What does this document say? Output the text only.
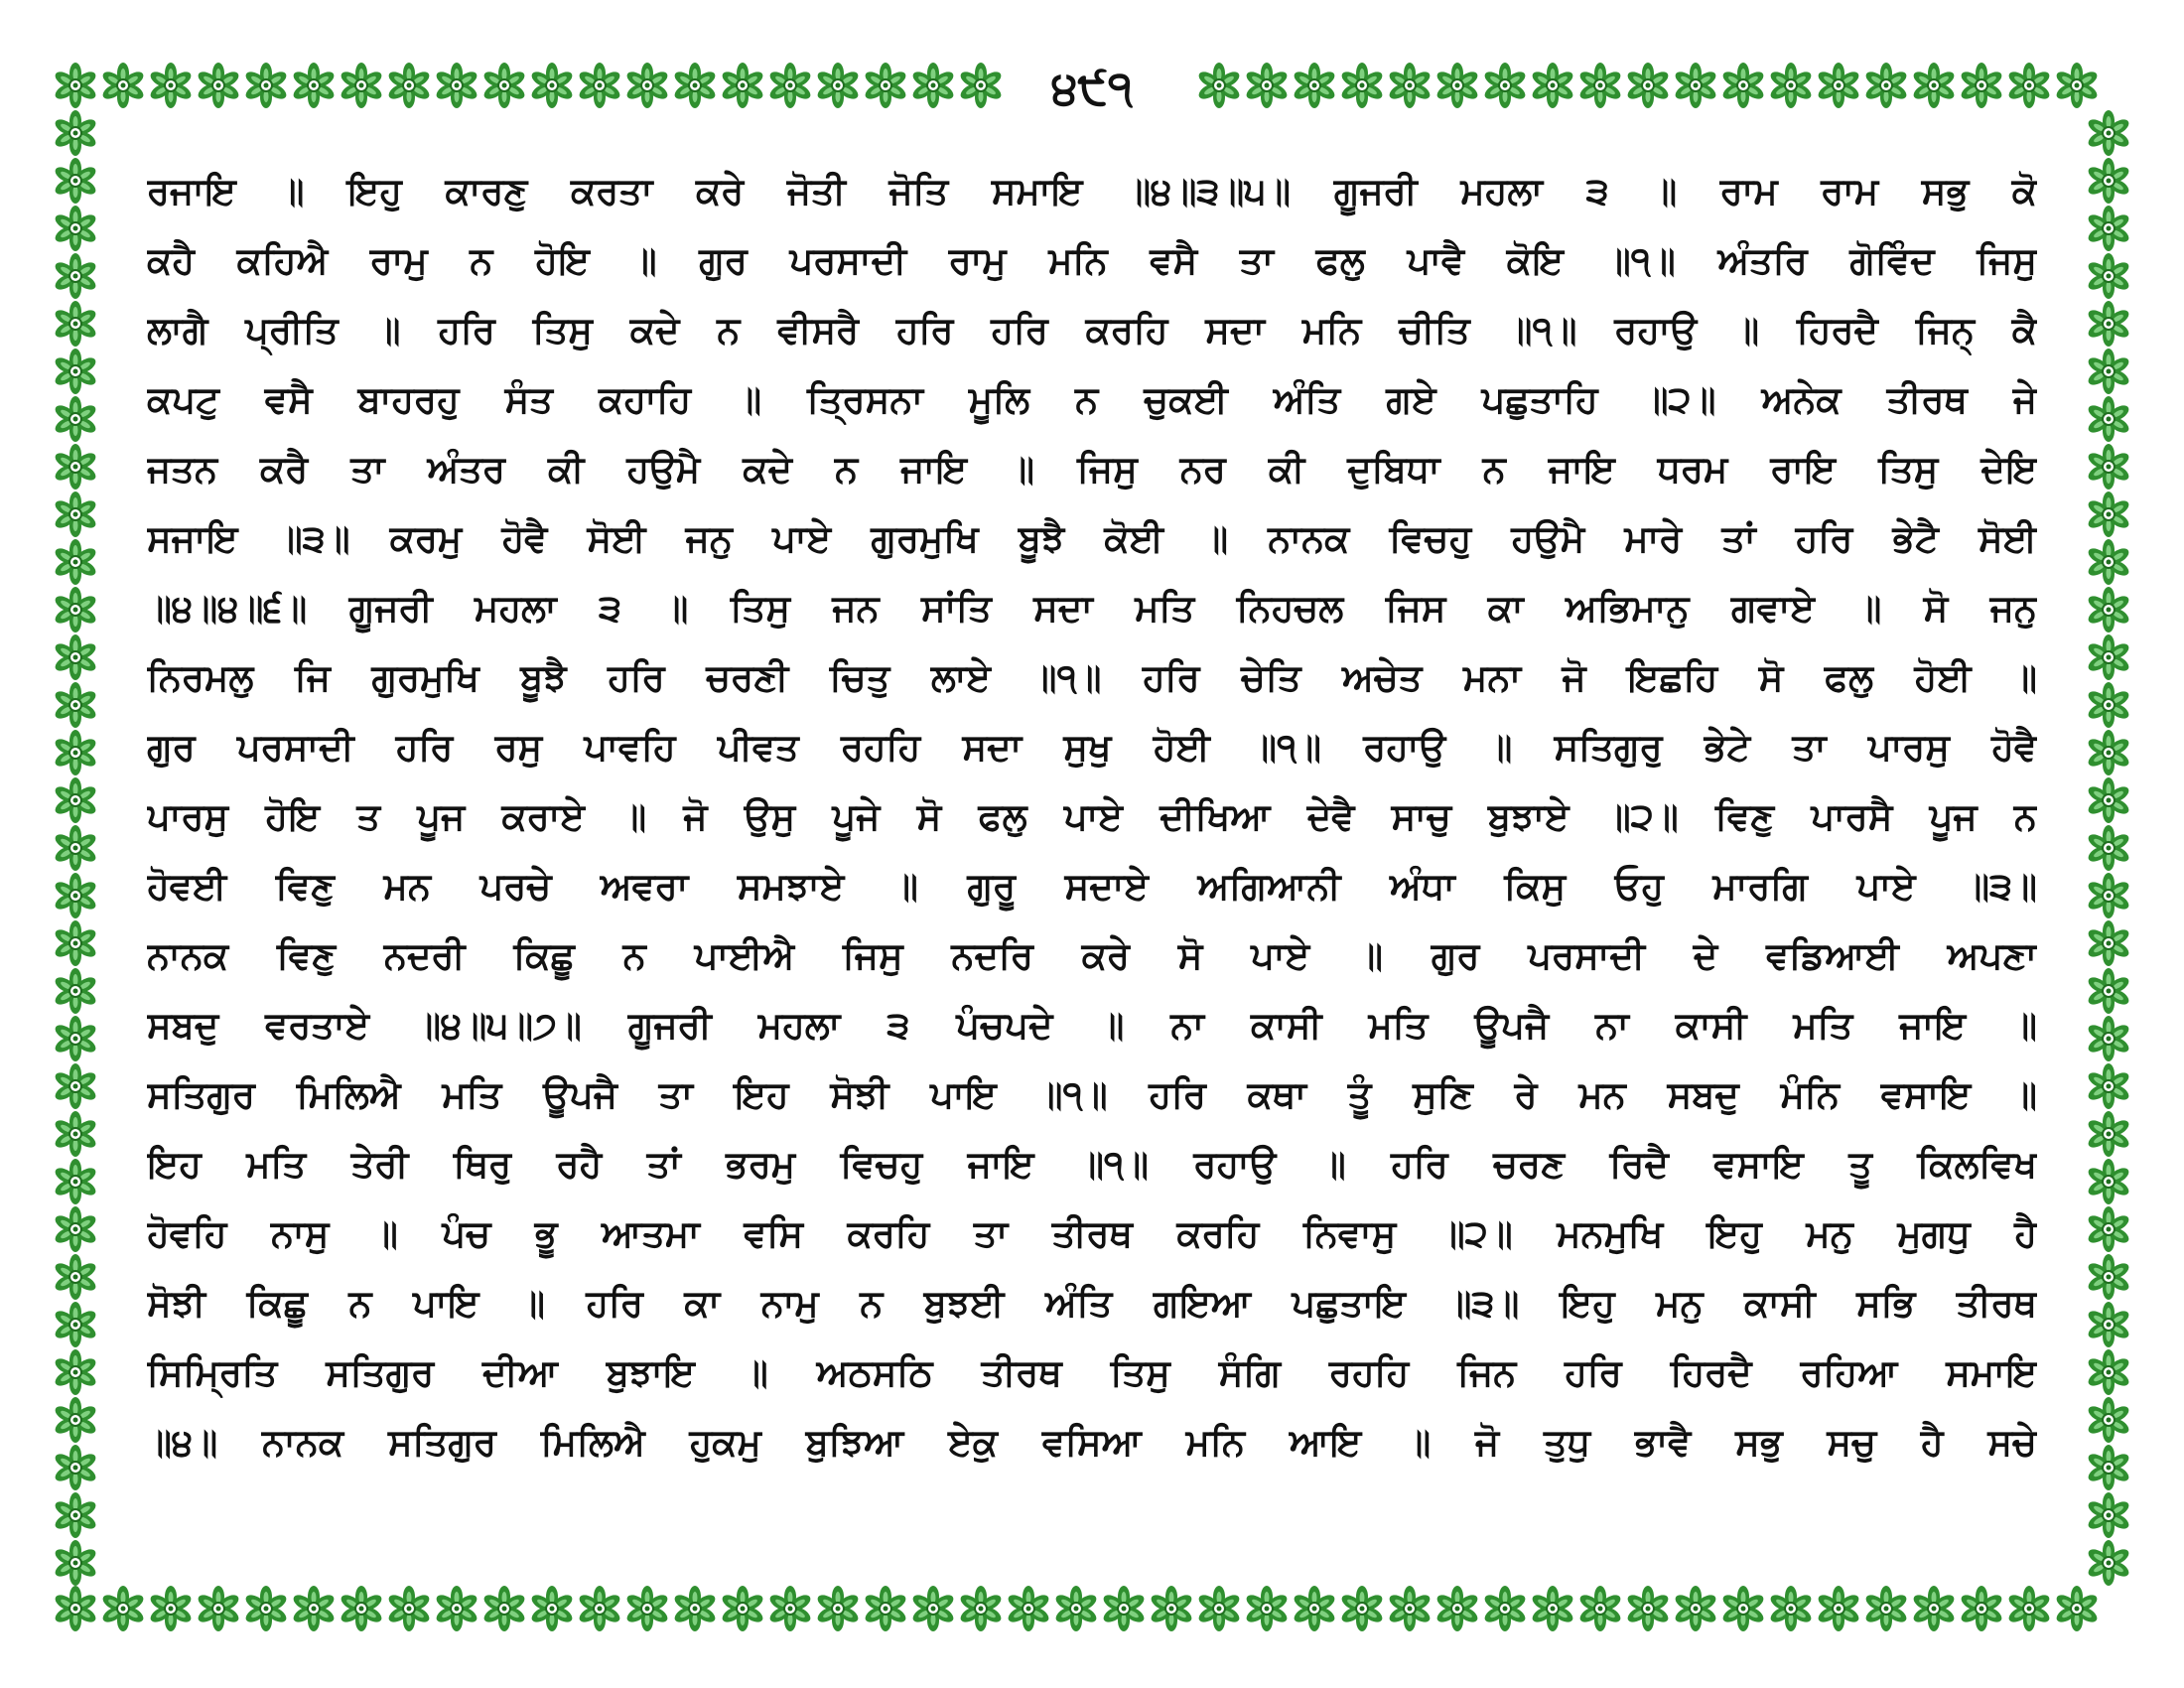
੪੯੧
ਰਜਾਇ ॥ ਇਹੁ ਕਾਰਣੁ ਕਰਤਾ ਕਰੇ ਜੋਤੀ ਜੋਤਿ ਸਮਾਇ ॥੪॥੩॥੫॥ ਗੂਜਰੀ ਮਹਲਾ ੩ ॥ ਰਾਮ ਰਾਮ ਸਭੁ ਕੋ
ਕਹੈ ਕਹਿਐ ਰਾਮੁ ਨ ਹੋਇ ॥ ਗੁਰ ਪਰਸਾਦੀ ਰਾਮੁ ਮਨਿ ਵਸੈ ਤਾ ਫਲੁ ਪਾਵੈ ਕੋਇ ॥੧॥ ਅੰਤਰਿ ਗੋਵਿੰਦ ਜਿਸੁ
ਲਾਗੈ ਪ੍ਰੀਤਿ ॥ ਹਰਿ ਤਿਸੁ ਕਦੇ ਨ ਵੀਸਰੈ ਹਰਿ ਹਰਿ ਕਰਹਿ ਸਦਾ ਮਨਿ ਚੀਤਿ ॥੧॥ ਰਹਾਉ ॥ ਹਿਰਦੈ ਜਿਨ੍ ਕੈ
ਕਪਟੁ ਵਸੈ ਬਾਹਰਹੁ ਸੰਤ ਕਹਾਹਿ ॥ ਤ੍ਰਿਸਨਾ ਮੂਲਿ ਨ ਚੁਕਈ ਅੰਤਿ ਗਏ ਪਛੁਤਾਹਿ ॥੨॥ ਅਨੇਕ ਤੀਰਥ ਜੇ
ਜਤਨ ਕਰੈ ਤਾ ਅੰਤਰ ਕੀ ਹਉਮੈ ਕਦੇ ਨ ਜਾਇ ॥ ਜਿਸੁ ਨਰ ਕੀ ਦੁਬਿਧਾ ਨ ਜਾਇ ਧਰਮ ਰਾਇ ਤਿਸੁ ਦੇਇ
ਸਜਾਇ ॥੩॥ ਕਰਮੁ ਹੋਵੈ ਸੋਈ ਜਨੁ ਪਾਏ ਗੁਰਮੁਖਿ ਬੂਝੈ ਕੋਈ ॥ ਨਾਨਕ ਵਿਚਹੁ ਹਉਮੈ ਮਾਰੇ ਤਾਂ ਹਰਿ ਭੇਟੈ ਸੋਈ
॥੪॥੪॥੬॥ ਗੂਜਰੀ ਮਹਲਾ ੩ ॥ ਤਿਸੁ ਜਨ ਸਾਂਤਿ ਸਦਾ ਮਤਿ ਨਿਹਚਲ ਜਿਸ ਕਾ ਅਭਿਮਾਨੁ ਗਵਾਏ ॥ ਸੋ ਜਨੁ
ਨਿਰਮਲੁ ਜਿ ਗੁਰਮੁਖਿ ਬੂਝੈ ਹਰਿ ਚਰਣੀ ਚਿਤੁ ਲਾਏ ॥੧॥ ਹਰਿ ਚੇਤਿ ਅਚੇਤ ਮਨਾ ਜੋ ਇਛਹਿ ਸੋ ਫਲੁ ਹੋਈ ॥
ਗੁਰ ਪਰਸਾਦੀ ਹਰਿ ਰਸੁ ਪਾਵਹਿ ਪੀਵਤ ਰਹਹਿ ਸਦਾ ਸੁਖੁ ਹੋਈ ॥੧॥ ਰਹਾਉ ॥ ਸਤਿਗੁਰੁ ਭੇਟੇ ਤਾ ਪਾਰਸੁ ਹੋਵੈ
ਪਾਰਸੁ ਹੋਇ ਤ ਪੂਜ ਕਰਾਏ ॥ ਜੋ ਉਸੁ ਪੂਜੇ ਸੋ ਫਲੁ ਪਾਏ ਦੀਖਿਆ ਦੇਵੈ ਸਾਚੁ ਬੁਝਾਏ ॥੨॥ ਵਿਣੁ ਪਾਰਸੈ ਪੂਜ ਨ
ਹੋਵਈ ਵਿਣੁ ਮਨ ਪਰਚੇ ਅਵਰਾ ਸਮਝਾਏ ॥ ਗੁਰੂ ਸਦਾਏ ਅਗਿਆਨੀ ਅੰਧਾ ਕਿਸੁ ਓਹੁ ਮਾਰਗਿ ਪਾਏ ॥੩॥
ਨਾਨਕ ਵਿਣੁ ਨਦਰੀ ਕਿਛੂ ਨ ਪਾਈਐ ਜਿਸੁ ਨਦਰਿ ਕਰੇ ਸੋ ਪਾਏ ॥ ਗੁਰ ਪਰਸਾਦੀ ਦੇ ਵਡਿਆਈ ਅਪਣਾ
ਸਬਦੁ ਵਰਤਾਏ ॥੪॥੫॥੭॥ ਗੂਜਰੀ ਮਹਲਾ ੩ ਪੰਚਪਦੇ ॥ ਨਾ ਕਾਸੀ ਮਤਿ ਊਪਜੈ ਨਾ ਕਾਸੀ ਮਤਿ ਜਾਇ ॥
ਸਤਿਗੁਰ ਮਿਲਿਐ ਮਤਿ ਊਪਜੈ ਤਾ ਇਹ ਸੋਝੀ ਪਾਇ ॥੧॥ ਹਰਿ ਕਥਾ ਤੂੰ ਸੁਣਿ ਰੇ ਮਨ ਸਬਦੁ ਮੰਨਿ ਵਸਾਇ ॥
ਇਹ ਮਤਿ ਤੇਰੀ ਥਿਰੁ ਰਹੈ ਤਾਂ ਭਰਮੁ ਵਿਚਹੁ ਜਾਇ ॥੧॥ ਰਹਾਉ ॥ ਹਰਿ ਚਰਣ ਰਿਦੈ ਵਸਾਇ ਤੂ ਕਿਲਵਿਖ
ਹੋਵਹਿ ਨਾਸੁ ॥ ਪੰਚ ਭੂ ਆਤਮਾ ਵਸਿ ਕਰਹਿ ਤਾ ਤੀਰਥ ਕਰਹਿ ਨਿਵਾਸੁ ॥੨॥ ਮਨਮੁਖਿ ਇਹੁ ਮਨੁ ਮੁਗਧੁ ਹੈ
ਸੋਝੀ ਕਿਛੂ ਨ ਪਾਇ ॥ ਹਰਿ ਕਾ ਨਾਮੁ ਨ ਬੁਝਈ ਅੰਤਿ ਗਇਆ ਪਛੁਤਾਇ ॥੩॥ ਇਹੁ ਮਨੁ ਕਾਸੀ ਸਭਿ ਤੀਰਥ
ਸਿਮ੍ਰਿਤਿ ਸਤਿਗੁਰ ਦੀਆ ਬੁਝਾਇ ॥ ਅਠਸਠਿ ਤੀਰਥ ਤਿਸੁ ਸੰਗਿ ਰਹਹਿ ਜਿਨ ਹਰਿ ਹਿਰਦੈ ਰਹਿਆ ਸਮਾਇ
॥੪॥ ਨਾਨਕ ਸਤਿਗੁਰ ਮਿਲਿਐ ਹੁਕਮੁ ਬੁਝਿਆ ਏਕੁ ਵਸਿਆ ਮਨਿ ਆਇ ॥ ਜੋ ਤੁਧੁ ਭਾਵੈ ਸਭੁ ਸਚੁ ਹੈ ਸਚੇ
